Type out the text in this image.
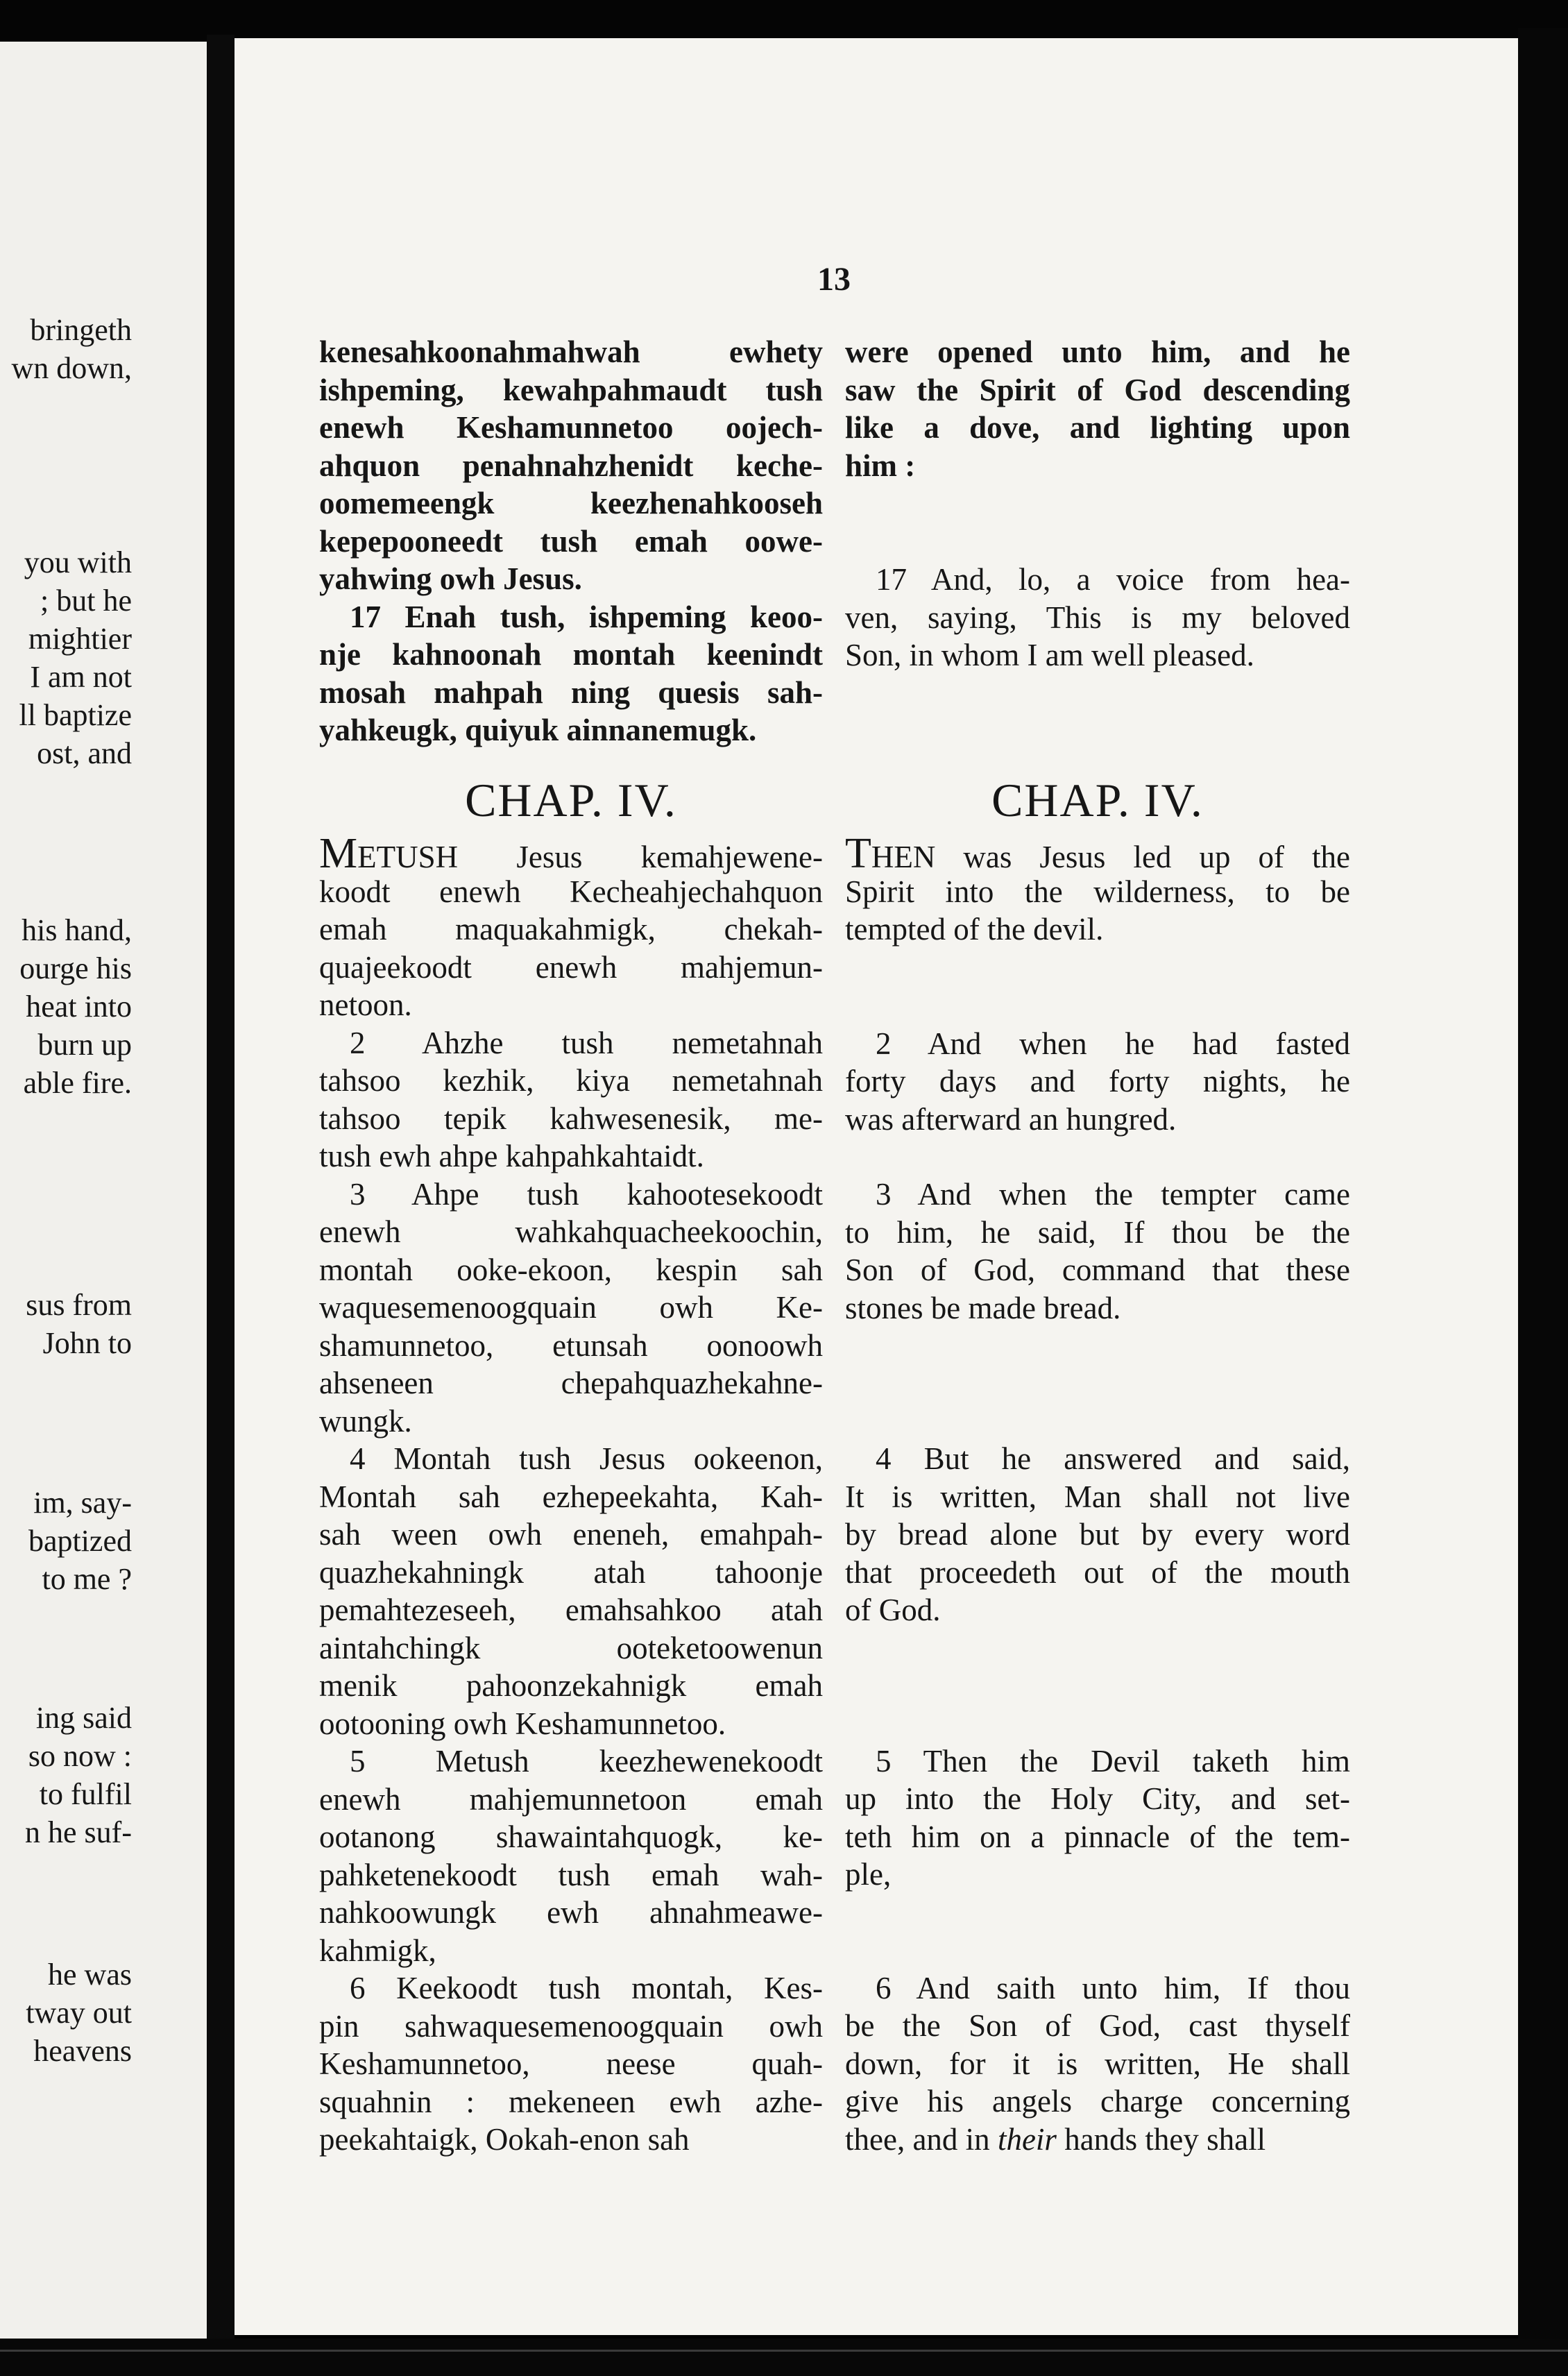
bringeth
wn down,
you with
; but he
mightier
I am not
ll baptize
ost, and
his hand,
ourge his
heat into
burn up
able fire.
sus from
John to
im, say-
baptized
to me ?
ing said
so now :
to fulfil
n he suf-
he was
tway out
heavens
13
kenesahkoonahmahwah ewhety
ishpeming, kewahpahmaudt tush
enewh Keshamunnetoo oojech-
ahquon penahnahzhenidt keche-
oomemeengk keezhenahkooseh
kepepooneedt tush emah oowe-
yahwing owh Jesus.
17 Enah tush, ishpeming keoo-
nje kahnoonah montah keenindt
mosah mahpah ning quesis sah-
yahkeugk, quiyuk ainnanemugk.
CHAP. IV.
METUSH Jesus kemahjewene-
koodt enewh Kecheahjechahquon
emah maquakahmigk, chekah-
quajeekoodt enewh mahjemun-
netoon.
2 Ahzhe tush nemetahnah
tahsoo kezhik, kiya nemetahnah
tahsoo tepik kahwesenesik, me-
tush ewh ahpe kahpahkahtaidt.
3 Ahpe tush kahootesekoodt
enewh wahkahquacheekoochin,
montah ooke-ekoon, kespin sah
waquesemenoogquain owh Ke-
shamunnetoo, etunsah oonoowh
ahseneen chepahquazhekahne-
wungk.
4 Montah tush Jesus ookeenon,
Montah sah ezhepeekahta, Kah-
sah ween owh eneneh, emahpah-
quazhekahningk atah tahoonje
pemahtezeseeh, emahsahkoo atah
aintahchingk ooteketoowenun
menik pahoonzekahnigk emah
ootooning owh Keshamunnetoo.
5 Metush keezhewenekoodt
enewh mahjemunnetoon emah
ootanong shawaintahquogk, ke-
pahketenekoodt tush emah wah-
nahkoowungk ewh ahnahmeawe-
kahmigk,
6 Keekoodt tush montah, Kes-
pin sahwaquesemenoogquain owh
Keshamunnetoo, neese quah-
squahnin : mekeneen ewh azhe-
peekahtaigk, Ookah-enon sah
were opened unto him, and he
saw the Spirit of God descending
like a dove, and lighting upon
him :
17 And, lo, a voice from hea-
ven, saying, This is my beloved
Son, in whom I am well pleased.
CHAP. IV.
THEN was Jesus led up of the
Spirit into the wilderness, to be
tempted of the devil.
2 And when he had fasted
forty days and forty nights, he
was afterward an hungred.
3 And when the tempter came
to him, he said, If thou be the
Son of God, command that these
stones be made bread.
4 But he answered and said,
It is written, Man shall not live
by bread alone but by every word
that proceedeth out of the mouth
of God.
5 Then the Devil taketh him
up into the Holy City, and set-
teth him on a pinnacle of the tem-
ple,
6 And saith unto him, If thou
be the Son of God, cast thyself
down, for it is written, He shall
give his angels charge concerning
thee, and in their hands they shall
